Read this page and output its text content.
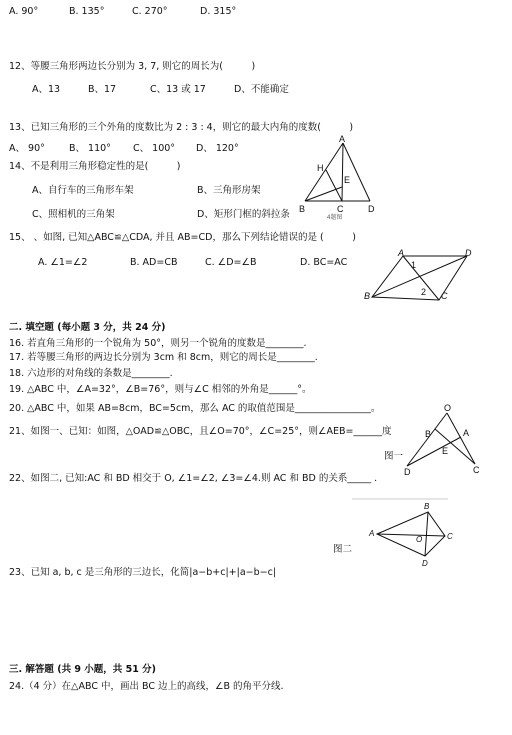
A. 90°	B. 135°	C. 270°	D. 315°
12、等腰三角形两边长分别为 3, 7, 则它的周长为(　　　)
A、13	B、17	C、13 或 17	D、不能确定
13、已知三角形的三个外角的度数比为 2 : 3 : 4，则它的最大内角的度数(　　　)
A、 90°	B、 110° C、 100° D、 120°
14、不是利用三角形稳定性的是(　　　)
A、自行车的三角形车架	B、三角形房架
C、照相机的三角架	D、矩形门框的斜拉条
A
H
E
B	C	D
4题图
15、 、如图, 已知△ABC≌△CDA, 并且 AB=CD，那么下列结论错误的是 (　　　)
A. ∠1=∠2	B. AD=CB	C. ∠D=∠B	D. BC=AC
A	D
B	C
1
2
二. 填空题 (每小题 3 分，共 24 分)
16. 若直角三角形的一个锐角为 50°，则另一个锐角的度数是________.
17. 若等腰三角形的两边长分别为 3cm 和 8cm，则它的周长是________.
18. 六边形的对角线的条数是________.
19. △ABC 中，∠A=32°，∠B=76°，则与∠C 相邻的外角是______°。
20. △ABC 中，如果 AB=8cm，BC=5cm，那么 AC 的取值范围是________________。
21、如图一、已知：如图，△OAD≌△OBC，且∠O=70°，∠C=25°，则∠AEB=______度
图一
O
B	A
E
D	C
22、如图二, 已知:AC 和 BD 相交于 O, ∠1=∠2, ∠3=∠4.则 AC 和 BD 的关系_____ .
图二
B
A
O	C
D
23、已知 a, b, c 是三角形的三边长，化简|a−b+c|+|a−b−c|
三. 解答题 (共 9 小题，共 51 分)
24.（4 分）在△ABC 中，画出 BC 边上的高线，∠B 的角平分线.
